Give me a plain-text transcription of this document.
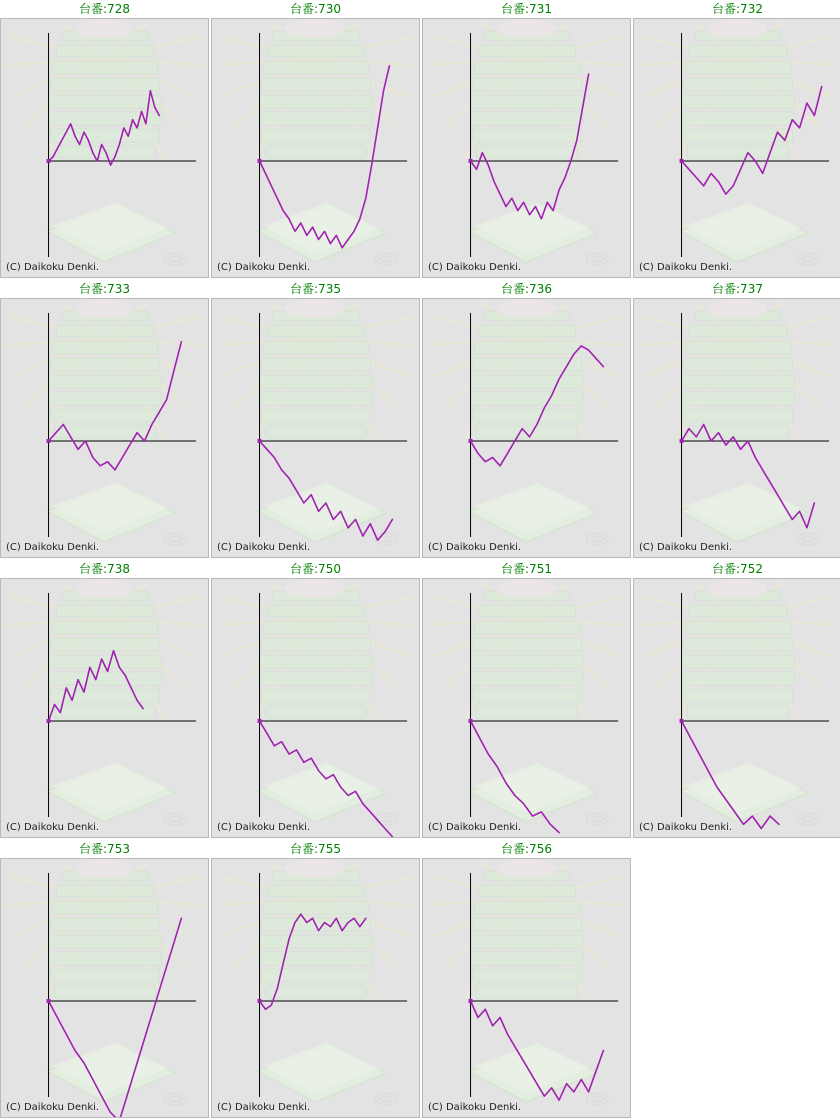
台番:728
(C) Daikoku Denki.
台番:730
(C) Daikoku Denki.
台番:731
(C) Daikoku Denki.
台番:732
(C) Daikoku Denki.
台番:733
(C) Daikoku Denki.
台番:735
(C) Daikoku Denki.
台番:736
(C) Daikoku Denki.
台番:737
(C) Daikoku Denki.
台番:738
(C) Daikoku Denki.
台番:750
(C) Daikoku Denki.
台番:751
(C) Daikoku Denki.
台番:752
(C) Daikoku Denki.
台番:753
(C) Daikoku Denki.
台番:755
(C) Daikoku Denki.
台番:756
(C) Daikoku Denki.
